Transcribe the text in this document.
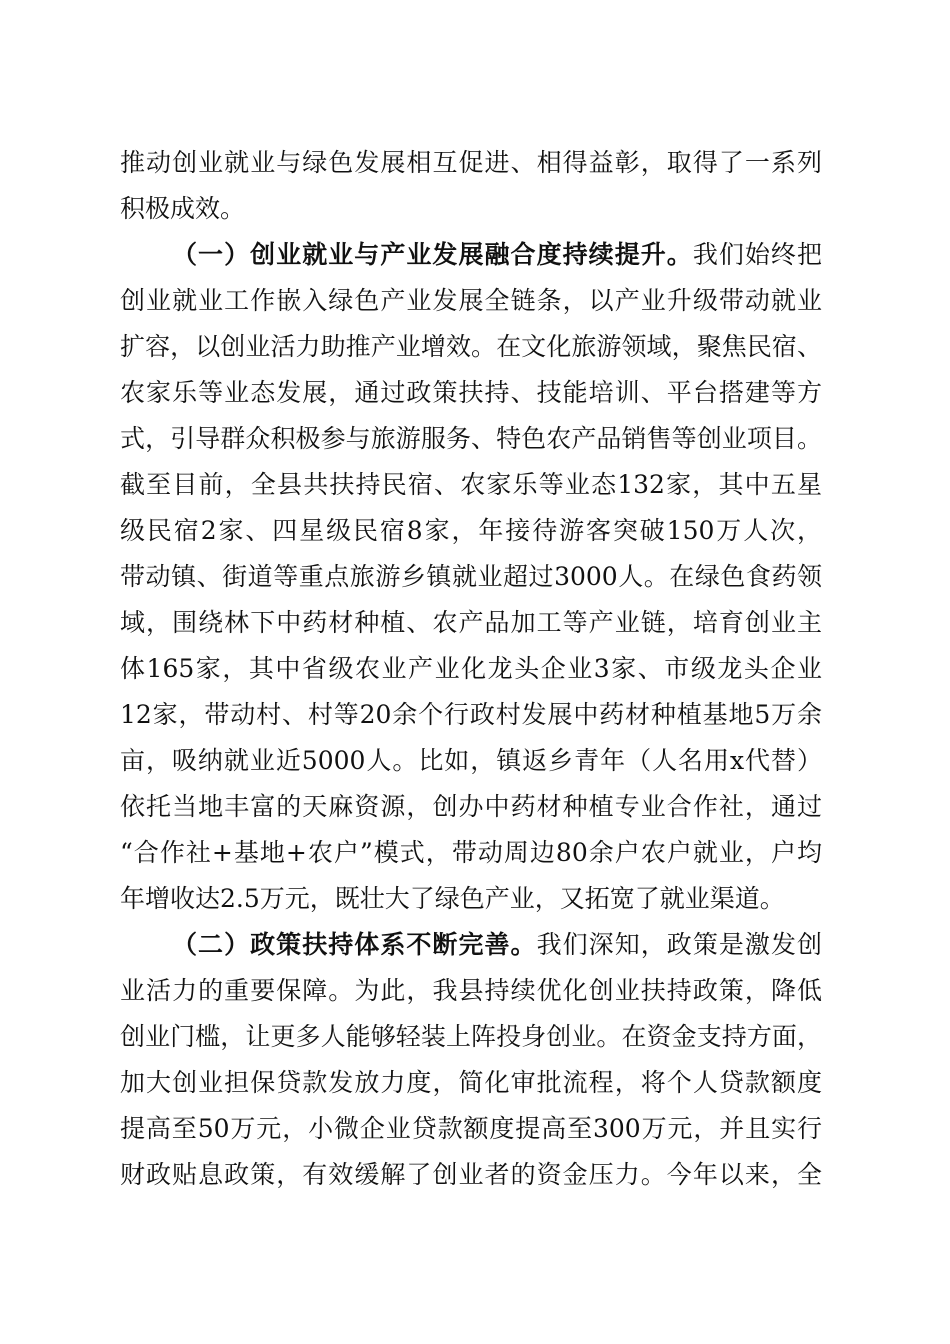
推动创业就业与绿色发展相互促进、相得益彰，取得了一系列
积极成效。
（一）创业就业与产业发展融合度持续提升。我们始终把
创业就业工作嵌入绿色产业发展全链条，以产业升级带动就业
扩容，以创业活力助推产业增效。在文化旅游领域，聚焦民宿、
农家乐等业态发展，通过政策扶持、技能培训、平台搭建等方
式，引导群众积极参与旅游服务、特色农产品销售等创业项目。
截至目前，全县共扶持民宿、农家乐等业态132家，其中五星
级民宿2家、四星级民宿8家，年接待游客突破150万人次，
带动镇、街道等重点旅游乡镇就业超过3000人。在绿色食药领
域，围绕林下中药材种植、农产品加工等产业链，培育创业主
体165家，其中省级农业产业化龙头企业3家、市级龙头企业
12家，带动村、村等20余个行政村发展中药材种植基地5万余
亩，吸纳就业近5000人。比如，镇返乡青年（人名用x代替）
依托当地丰富的天麻资源，创办中药材种植专业合作社，通过
“合作社+基地+农户”模式，带动周边80余户农户就业，户均
年增收达2.5万元，既壮大了绿色产业，又拓宽了就业渠道。
（二）政策扶持体系不断完善。我们深知，政策是激发创
业活力的重要保障。为此，我县持续优化创业扶持政策，降低
创业门槛，让更多人能够轻装上阵投身创业。在资金支持方面，
加大创业担保贷款发放力度，简化审批流程，将个人贷款额度
提高至50万元，小微企业贷款额度提高至300万元，并且实行
财政贴息政策，有效缓解了创业者的资金压力。今年以来，全
